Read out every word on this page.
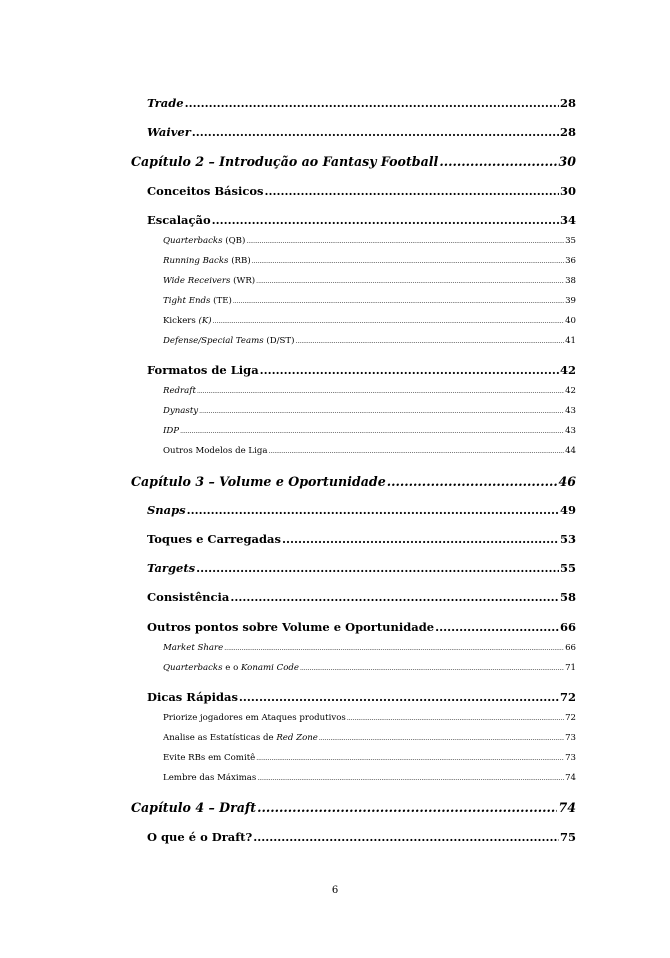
Trade .....	28
Waiver .....	28
Capítulo 2 – Introdução ao Fantasy Football .....	30
Conceitos Básicos .....	30
Escalação .....	34
Quarterbacks (QB) .....	35
Running Backs (RB) .....	36
Wide Receivers (WR) .....	38
Tight Ends (TE) .....	39
Kickers (K) .....	40
Defense/Special Teams (D/ST) .....	41
Formatos de Liga .....	42
Redraft .....	42
Dynasty .....	43
IDP .....	43
Outros Modelos de Liga .....	44
Capítulo 3 – Volume e Oportunidade .....	46
Snaps .....	49
Toques e Carregadas .....	53
Targets .....	55
Consistência .....	58
Outros pontos sobre Volume e Oportunidade .....	66
Market Share .....	66
Quarterbacks e o Konami Code .....	71
Dicas Rápidas .....	72
Priorize jogadores em Ataques produtivos .....	72
Analise as Estatísticas de Red Zone .....	73
Evite RBs em Comitê .....	73
Lembre das Máximas .....	74
Capítulo 4 – Draft .....	74
O que é o Draft? .....	75
6
